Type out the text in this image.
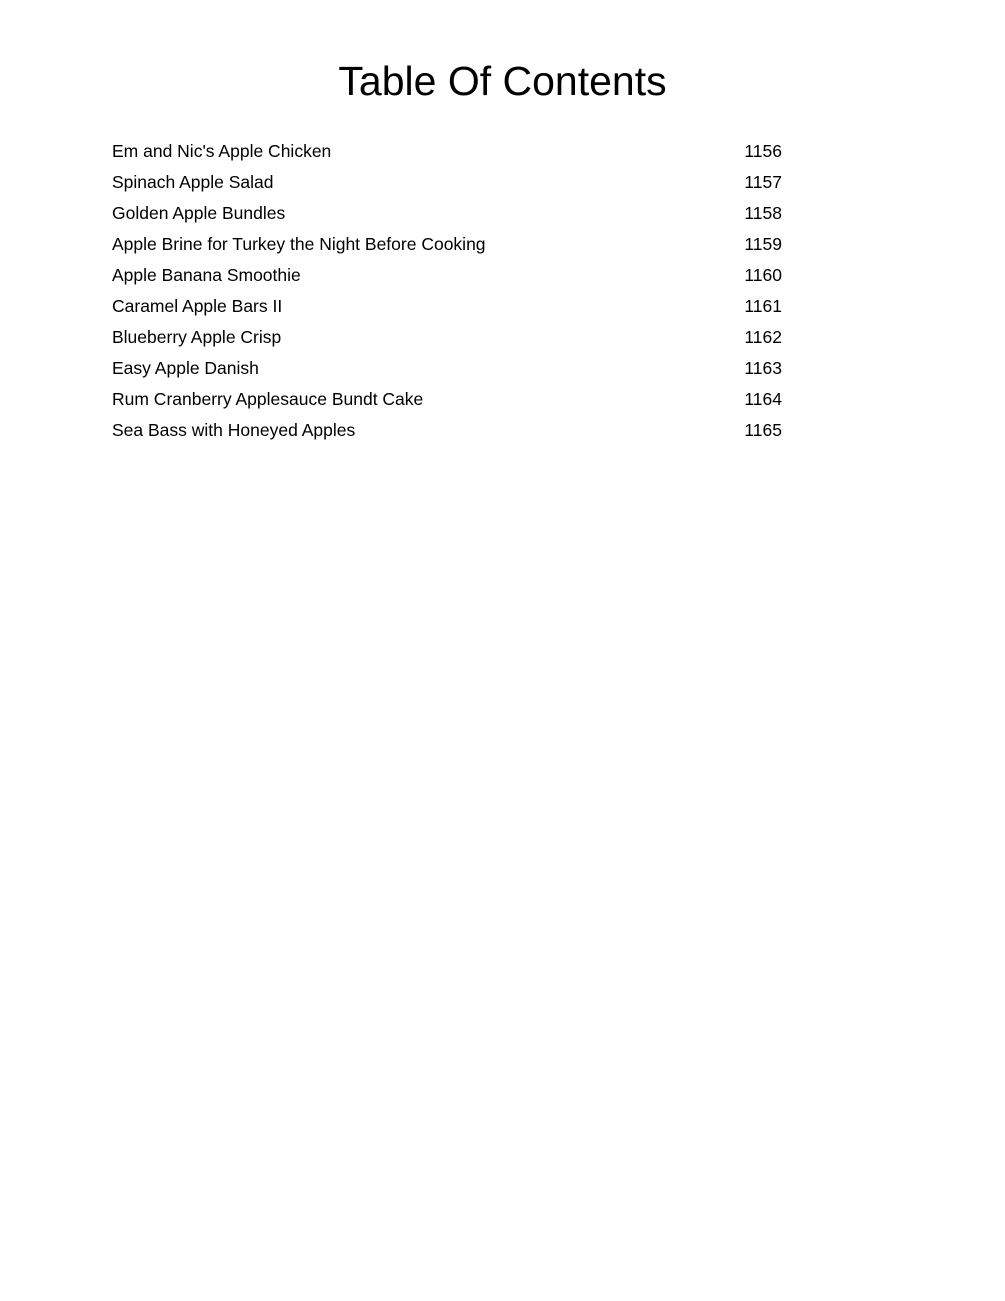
Table Of Contents
Em and Nic's Apple Chicken	1156
Spinach Apple Salad	1157
Golden Apple Bundles	1158
Apple Brine for Turkey the Night Before Cooking	1159
Apple Banana Smoothie	1160
Caramel Apple Bars II	1161
Blueberry Apple Crisp	1162
Easy Apple Danish	1163
Rum Cranberry Applesauce Bundt Cake	1164
Sea Bass with Honeyed Apples	1165
